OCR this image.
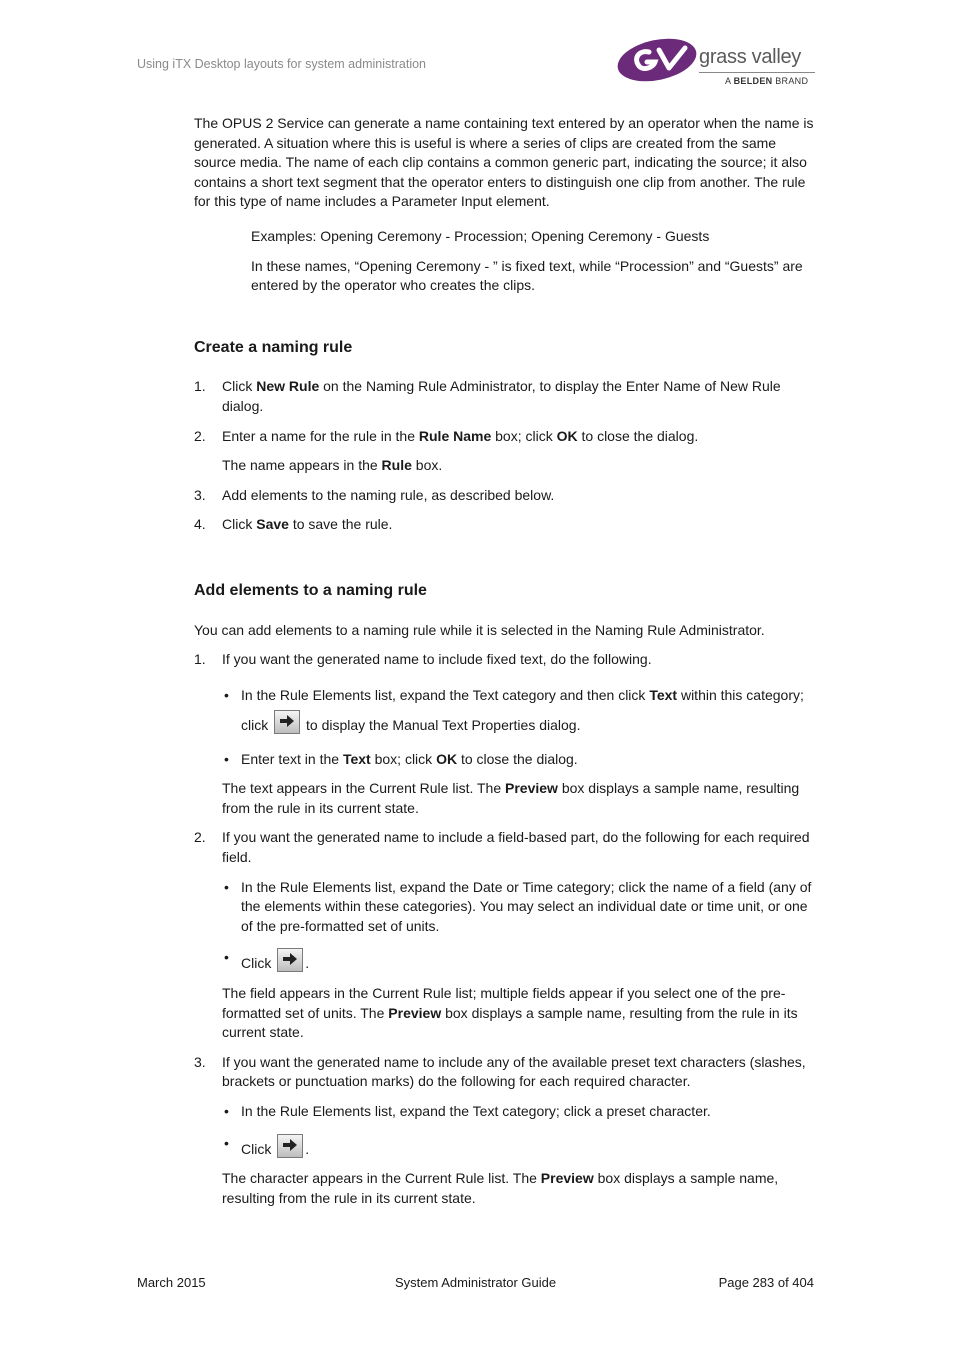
Using iTX Desktop layouts for system administration	grass valley
A BELDEN BRAND

The OPUS 2 Service can generate a name containing text entered by an operator when the name is generated. A situation where this is useful is where a series of clips are created from the same source media. The name of each clip contains a common generic part, indicating the source; it also contains a short text segment that the operator enters to distinguish one clip from another. The rule for this type of name includes a Parameter Input element.

Examples: Opening Ceremony - Procession; Opening Ceremony - Guests

In these names, “Opening Ceremony - ” is fixed text, while “Procession” and “Guests” are entered by the operator who creates the clips.

Create a naming rule
1. Click New Rule on the Naming Rule Administrator, to display the Enter Name of New Rule dialog.
2. Enter a name for the rule in the Rule Name box; click OK to close the dialog.

The name appears in the Rule box.

3. Add elements to the naming rule, as described below.
4. Click Save to save the rule.
Add elements to a naming rule

You can add elements to a naming rule while it is selected in the Naming Rule Administrator.

1. If you want the generated name to include fixed text, do the following.
• In the Rule Elements list, expand the Text category and then click Text within this category; click
to display the Manual Text Properties dialog.
• Enter text in the Text box; click OK to close the dialog.

The text appears in the Current Rule list. The Preview box displays a sample name, resulting from the rule in its current state.

2. If you want the generated name to include a field-based part, do the following for each required field.
• In the Rule Elements list, expand the Date or Time category; click the name of a field (any of the elements within these categories). You may select an individual date or time unit, or one of the pre-formatted set of units.
• Click
.

The field appears in the Current Rule list; multiple fields appear if you select one of the pre-formatted set of units. The Preview box displays a sample name, resulting from the rule in its current state.

3. If you want the generated name to include any of the available preset text characters (slashes, brackets or punctuation marks) do the following for each required character.
• In the Rule Elements list, expand the Text category; click a preset character.
• Click
.

The character appears in the Current Rule list. The Preview box displays a sample name, resulting from the rule in its current state.

March 2015	System Administrator Guide	Page 283 of 404
